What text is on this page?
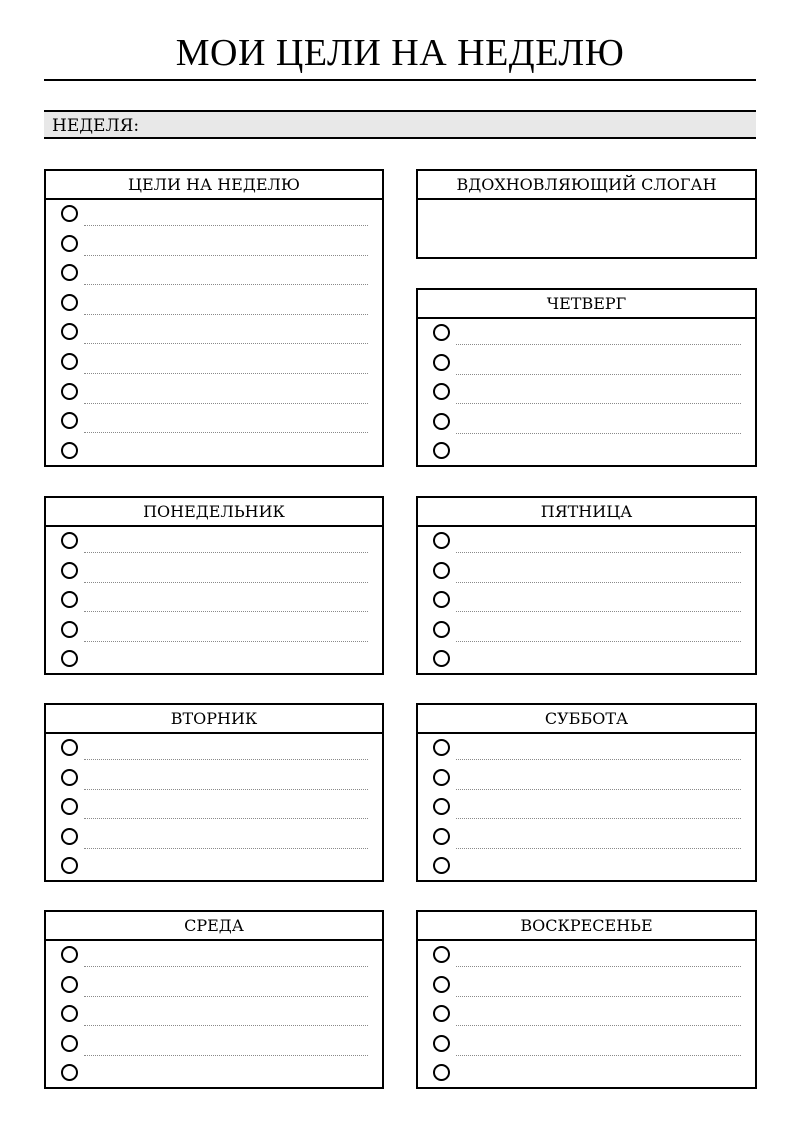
МОИ ЦЕЛИ НА НЕДЕЛЮ
НЕДЕЛЯ:
ЦЕЛИ НА НЕДЕЛЮ	ВДОХНОВЛЯЮЩИЙ СЛОГАН
ЧЕТВЕРГ
ПОНЕДЕЛЬНИК	ПЯТНИЦА
ВТОРНИК	СУББОТА
СРЕДА	ВОСКРЕСЕНЬЕ
